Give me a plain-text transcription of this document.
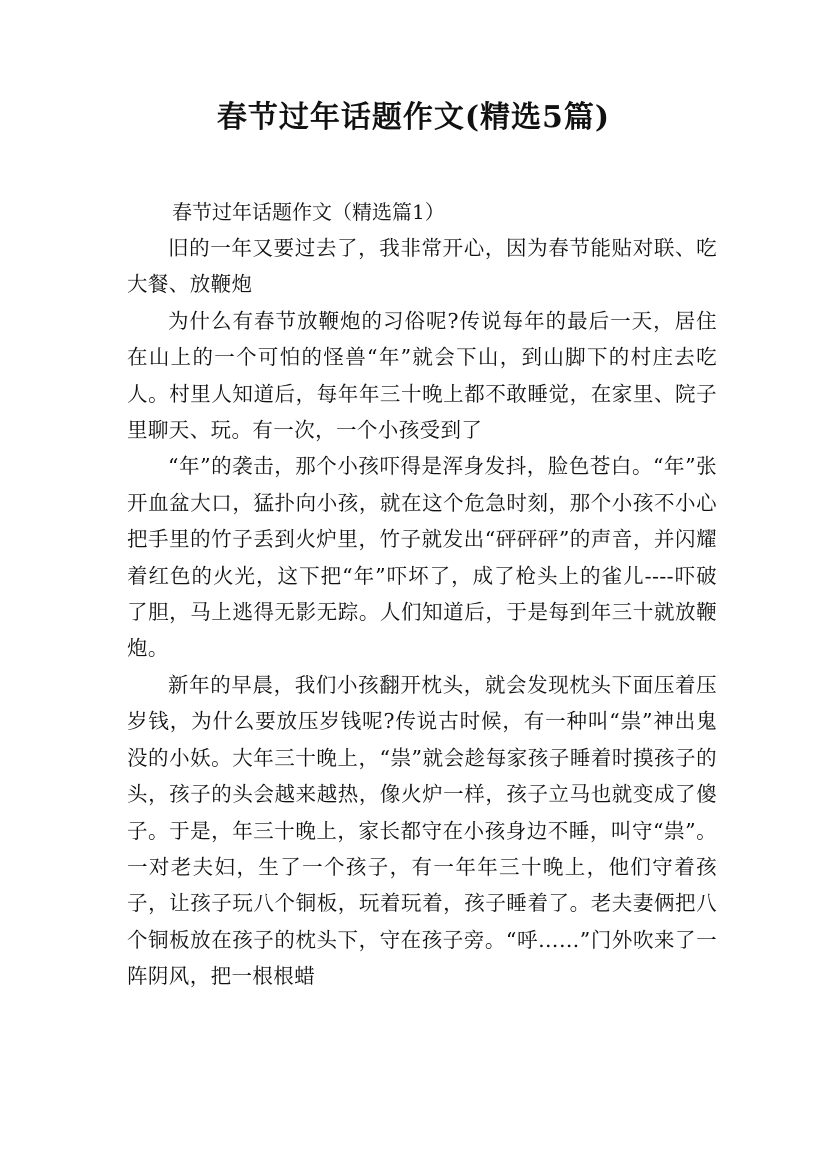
春节过年话题作文(精选5篇)

春节过年话题作文（精选篇1）

旧的一年又要过去了，我非常开心，因为春节能贴对联、吃大餐、放鞭炮

为什么有春节放鞭炮的习俗呢?传说每年的最后一天，居住在山上的一个可怕的怪兽“年”就会下山，到山脚下的村庄去吃人。村里人知道后，每年年三十晚上都不敢睡觉，在家里、院子里聊天、玩。有一次，一个小孩受到了

“年”的袭击，那个小孩吓得是浑身发抖，脸色苍白。“年”张开血盆大口，猛扑向小孩，就在这个危急时刻，那个小孩不小心把手里的竹子丢到火炉里，竹子就发出“砰砰砰”的声音，并闪耀着红色的火光，这下把“年”吓坏了，成了枪头上的雀儿----吓破了胆，马上逃得无影无踪。人们知道后，于是每到年三十就放鞭炮。

新年的早晨，我们小孩翻开枕头，就会发现枕头下面压着压岁钱，为什么要放压岁钱呢?传说古时候，有一种叫“祟”神出鬼没的小妖。大年三十晚上，“祟”就会趁每家孩子睡着时摸孩子的头，孩子的头会越来越热，像火炉一样，孩子立马也就变成了傻子。于是，年三十晚上，家长都守在小孩身边不睡，叫守“祟”。一对老夫妇，生了一个孩子，有一年年三十晚上，他们守着孩子，让孩子玩八个铜板，玩着玩着，孩子睡着了。老夫妻俩把八个铜板放在孩子的枕头下，守在孩子旁。“呼……”门外吹来了一阵阴风，把一根根蜡
